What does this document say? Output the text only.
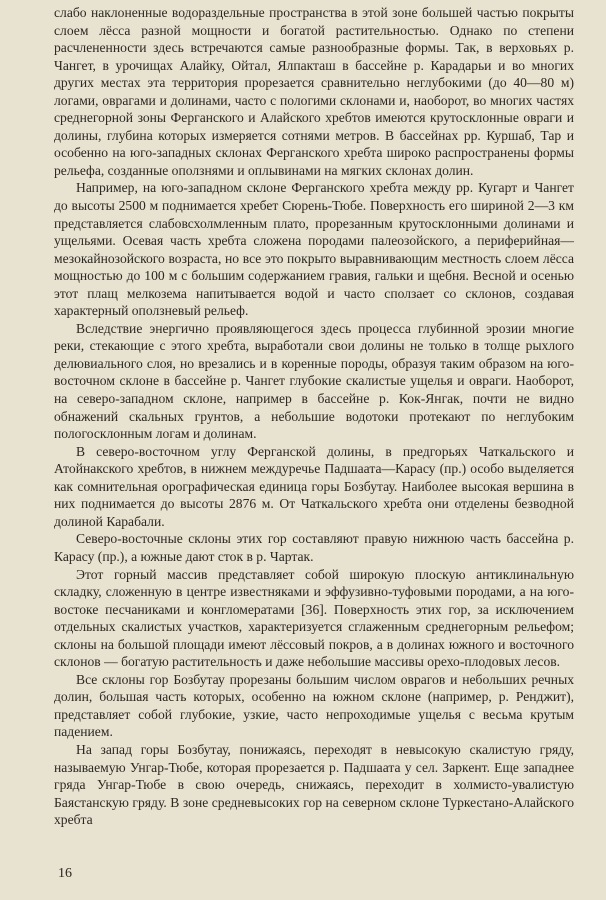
слабо наклоненные водораздельные пространства в этой зоне большей частью покрыты слоем лёсса разной мощности и богатой растительностью. Однако по степени расчлененности здесь встречаются самые разнообразные формы. Так, в верховьях р. Чангет, в урочищах Алайку, Ойтал, Ялпакташ в бассейне р. Карадарьи и во многих других местах эта территория прорезается сравнительно неглубокими (до 40—80 м) логами, оврагами и долинами, часто с пологими склонами и, наоборот, во многих частях среднегорной зоны Ферганского и Алайского хребтов имеются крутосклонные овраги и долины, глубина которых измеряется сотнями метров. В бассейнах рр. Куршаб, Тар и особенно на юго-западных склонах Ферганского хребта широко распространены формы рельефа, созданные оползнями и оплывинами на мягких склонах долин.

Например, на юго-западном склоне Ферганского хребта между рр. Кугарт и Чангет до высоты 2500 м поднимается хребет Сюрень-Тюбе. Поверхность его шириной 2—3 км представляется слабовсхолмленным плато, прорезанным крутосклонными долинами и ущельями. Осевая часть хребта сложена породами палеозойского, а периферийная—мезокайнозойского возраста, но все это покрыто выравнивающим местность слоем лёсса мощностью до 100 м с большим содержанием гравия, гальки и щебня. Весной и осенью этот плащ мелкозема напитывается водой и часто сползает со склонов, создавая характерный оползневый рельеф.

Вследствие энергично проявляющегося здесь процесса глубинной эрозии многие реки, стекающие с этого хребта, выработали свои долины не только в толще рыхлого делювиального слоя, но врезались и в коренные породы, образуя таким образом на юго-восточном склоне в бассейне р. Чангет глубокие скалистые ущелья и овраги. Наоборот, на северо-западном склоне, например в бассейне р. Кок-Янгак, почти не видно обнажений скальных грунтов, а небольшие водотоки протекают по неглубоким пологосклонным логам и долинам.

В северо-восточном углу Ферганской долины, в предгорьях Чаткальского и Атойнакского хребтов, в нижнем междуречье Падшаата—Карасу (пр.) особо выделяется как сомнительная орографическая единица горы Бозбутау. Наиболее высокая вершина в них поднимается до высоты 2876 м. От Чаткальского хребта они отделены безводной долиной Карабали.

Северо-восточные склоны этих гор составляют правую нижнюю часть бассейна р. Карасу (пр.), а южные дают сток в р. Чартак.

Этот горный массив представляет собой широкую плоскую антиклинальную складку, сложенную в центре известняками и эффузивно-туфовыми породами, а на юго-востоке песчаниками и конгломератами [36]. Поверхность этих гор, за исключением отдельных скалистых участков, характеризуется сглаженным среднегорным рельефом; склоны на большой площади имеют лёссовый покров, а в долинах южного и восточного склонов — богатую растительность и даже небольшие массивы орехо-плодовых лесов.

Все склоны гор Бозбутау прорезаны большим числом оврагов и небольших речных долин, большая часть которых, особенно на южном склоне (например, р. Ренджит), представляет собой глубокие, узкие, часто непроходимые ущелья с весьма крутым падением.

На запад горы Бозбутау, понижаясь, переходят в невысокую скалистую гряду, называемую Унгар-Тюбе, которая прорезается р. Падшаата у сел. Заркент. Еще западнее гряда Унгар-Тюбе в свою очередь, снижаясь, переходит в холмисто-увалистую Баястанскую гряду. В зоне средневысоких гор на северном склоне Туркестано-Алайского хребта

16
